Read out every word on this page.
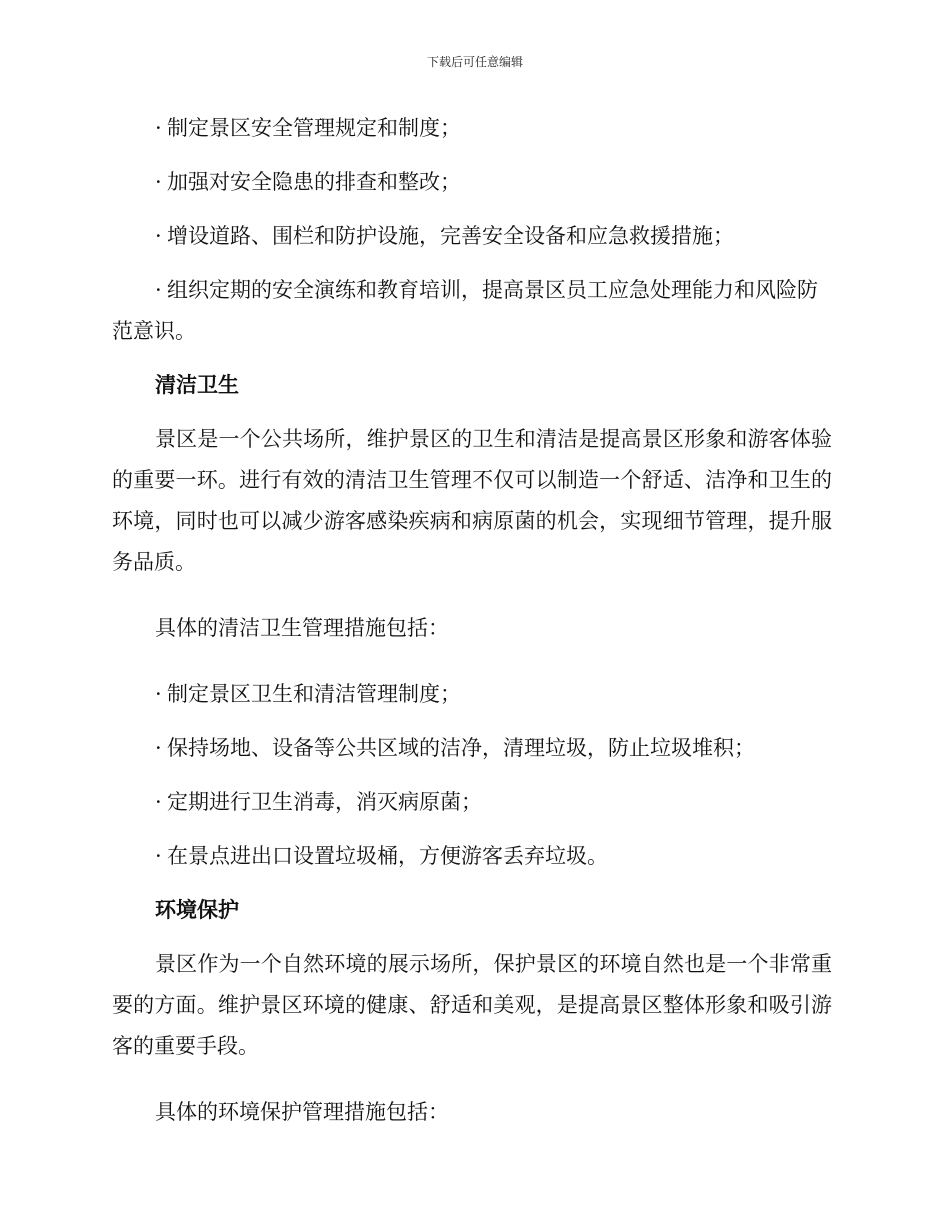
下载后可任意编辑

· 制定景区安全管理规定和制度；

· 加强对安全隐患的排查和整改；

· 增设道路、围栏和防护设施，完善安全设备和应急救援措施；

· 组织定期的安全演练和教育培训，提高景区员工应急处理能力和风险防范意识。

清洁卫生

景区是一个公共场所，维护景区的卫生和清洁是提高景区形象和游客体验的重要一环。进行有效的清洁卫生管理不仅可以制造一个舒适、洁净和卫生的环境，同时也可以减少游客感染疾病和病原菌的机会，实现细节管理，提升服务品质。

具体的清洁卫生管理措施包括：

· 制定景区卫生和清洁管理制度；

· 保持场地、设备等公共区域的洁净，清理垃圾，防止垃圾堆积；

· 定期进行卫生消毒，消灭病原菌；

· 在景点进出口设置垃圾桶，方便游客丢弃垃圾。

环境保护

景区作为一个自然环境的展示场所，保护景区的环境自然也是一个非常重要的方面。维护景区环境的健康、舒适和美观，是提高景区整体形象和吸引游客的重要手段。

具体的环境保护管理措施包括：
